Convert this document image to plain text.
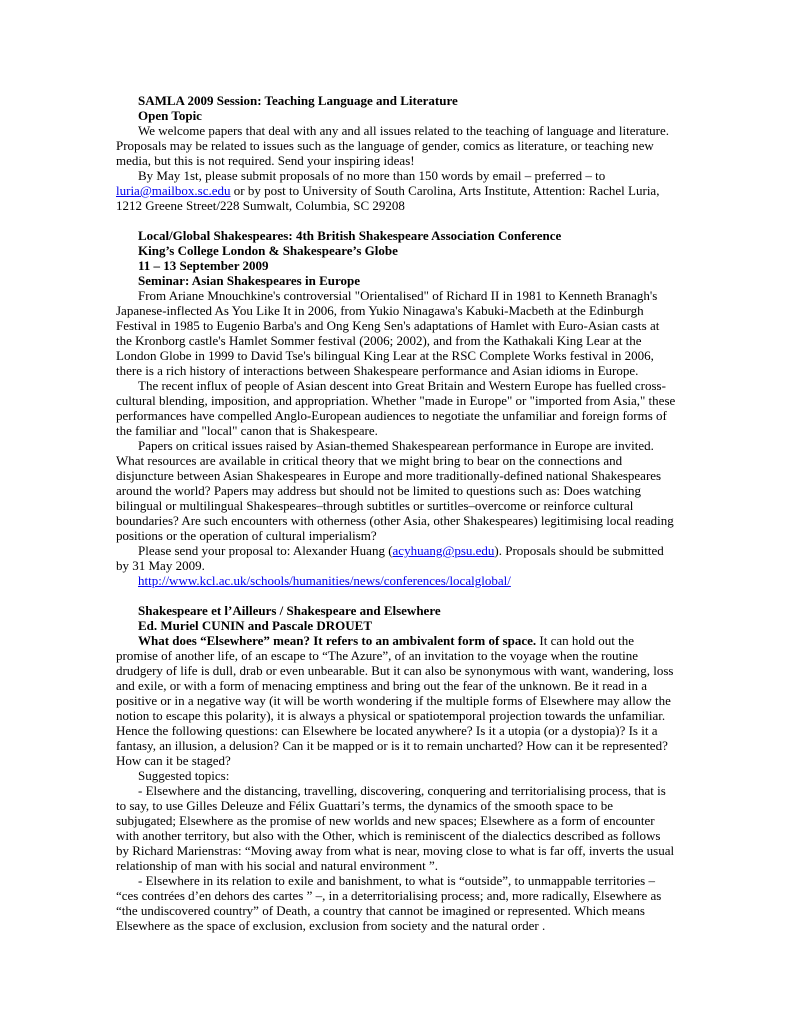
SAMLA 2009 Session: Teaching Language and Literature
Open Topic

We welcome papers that deal with any and all issues related to the teaching of language and literature. Proposals may be related to issues such as the language of gender, comics as literature, or teaching new media, but this is not required. Send your inspiring ideas!

By May 1st, please submit proposals of no more than 150 words by email – preferred – to luria@mailbox.sc.edu or by post to University of South Carolina, Arts Institute, Attention: Rachel Luria, 1212 Greene Street/228 Sumwalt, Columbia, SC 29208

Local/Global Shakespeares: 4th British Shakespeare Association Conference
King’s College London & Shakespeare’s Globe
11 – 13 September 2009
Seminar: Asian Shakespeares in Europe

From Ariane Mnouchkine's controversial "Orientalised" of Richard II in 1981 to Kenneth Branagh's Japanese-inflected As You Like It in 2006, from Yukio Ninagawa's Kabuki-Macbeth at the Edinburgh Festival in 1985 to Eugenio Barba's and Ong Keng Sen's adaptations of Hamlet with Euro-Asian casts at the Kronborg castle's Hamlet Sommer festival (2006; 2002), and from the Kathakali King Lear at the London Globe in 1999 to David Tse's bilingual King Lear at the RSC Complete Works festival in 2006, there is a rich history of interactions between Shakespeare performance and Asian idioms in Europe.

The recent influx of people of Asian descent into Great Britain and Western Europe has fuelled cross-cultural blending, imposition, and appropriation. Whether "made in Europe" or "imported from Asia," these performances have compelled Anglo-European audiences to negotiate the unfamiliar and foreign forms of the familiar and "local" canon that is Shakespeare.

Papers on critical issues raised by Asian-themed Shakespearean performance in Europe are invited. What resources are available in critical theory that we might bring to bear on the connections and disjuncture between Asian Shakespeares in Europe and more traditionally-defined national Shakespeares around the world? Papers may address but should not be limited to questions such as: Does watching bilingual or multilingual Shakespeares–through subtitles or surtitles–overcome or reinforce cultural boundaries? Are such encounters with otherness (other Asia, other Shakespeares) legitimising local reading positions or the operation of cultural imperialism?

Please send your proposal to: Alexander Huang (acyhuang@psu.edu). Proposals should be submitted by 31 May 2009.

http://www.kcl.ac.uk/schools/humanities/news/conferences/localglobal/
Shakespeare et l’Ailleurs / Shakespeare and Elsewhere
Ed. Muriel CUNIN and Pascale DROUET

What does “Elsewhere” mean? It refers to an ambivalent form of space. It can hold out the promise of another life, of an escape to “The Azure”, of an invitation to the voyage when the routine drudgery of life is dull, drab or even unbearable. But it can also be synonymous with want, wandering, loss and exile, or with a form of menacing emptiness and bring out the fear of the unknown. Be it read in a positive or in a negative way (it will be worth wondering if the multiple forms of Elsewhere may allow the notion to escape this polarity), it is always a physical or spatiotemporal projection towards the unfamiliar. Hence the following questions: can Elsewhere be located anywhere? Is it a utopia (or a dystopia)? Is it a fantasy, an illusion, a delusion? Can it be mapped or is it to remain uncharted? How can it be represented? How can it be staged?

Suggested topics:

- Elsewhere and the distancing, travelling, discovering, conquering and territorialising process, that is to say, to use Gilles Deleuze and Félix Guattari’s terms, the dynamics of the smooth space to be subjugated; Elsewhere as the promise of new worlds and new spaces; Elsewhere as a form of encounter with another territory, but also with the Other, which is reminiscent of the dialectics described as follows by Richard Marienstras: “Moving away from what is near, moving close to what is far off, inverts the usual relationship of man with his social and natural environment ”.

- Elsewhere in its relation to exile and banishment, to what is “outside”, to unmappable territories – “ces contrées d’en dehors des cartes ” –, in a deterritorialising process; and, more radically, Elsewhere as “the undiscovered country” of Death, a country that cannot be imagined or represented. Which means Elsewhere as the space of exclusion, exclusion from society and the natural order .
